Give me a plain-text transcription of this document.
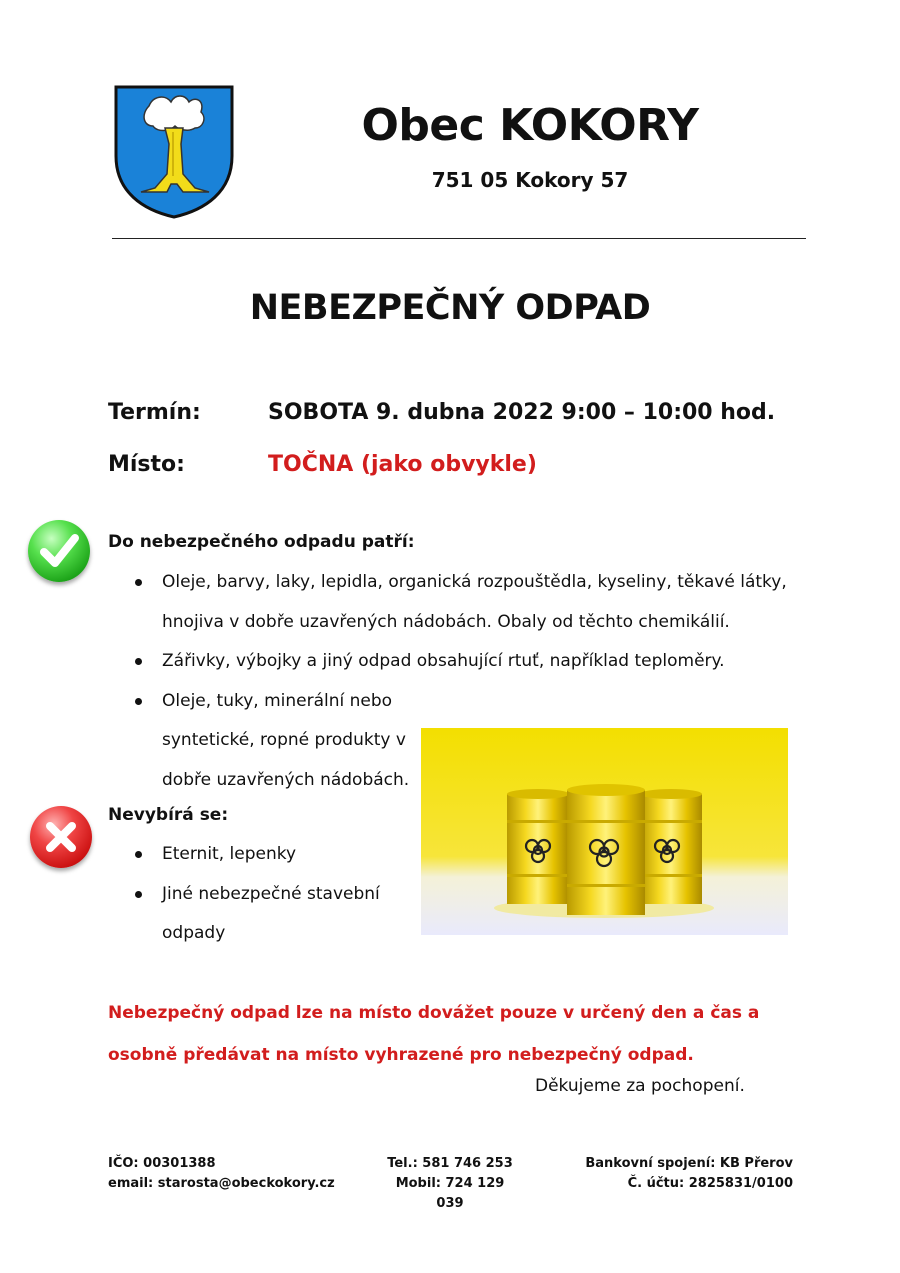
Obec KOKORY
751 05 Kokory 57
NEBEZPEČNÝ ODPAD
Termín:	SOBOTA 9. dubna 2022 9:00 – 10:00 hod.
Místo:	TOČNA (jako obvykle)
Do nebezpečného odpadu patří:
Oleje, barvy, laky, lepidla, organická rozpouštědla, kyseliny, těkavé látky, hnojiva v dobře uzavřených nádobách. Obaly od těchto chemikálií.
Zářivky, výbojky a jiný odpad obsahující rtuť, například teploměry.
Oleje, tuky, minerální nebo syntetické, ropné produkty v dobře uzavřených nádobách.
Nevybírá se:
Eternit, lepenky
Jiné nebezpečné stavební odpady
Nebezpečný odpad lze na místo dovážet pouze v určený den a čas a osobně předávat na místo vyhrazené pro nebezpečný odpad.
Děkujeme za pochopení.
IČO: 00301388
email: starosta@obeckokory.cz
Tel.: 581 746 253
Mobil: 724 129 039
Bankovní spojení: KB Přerov
Č. účtu: 2825831/0100
